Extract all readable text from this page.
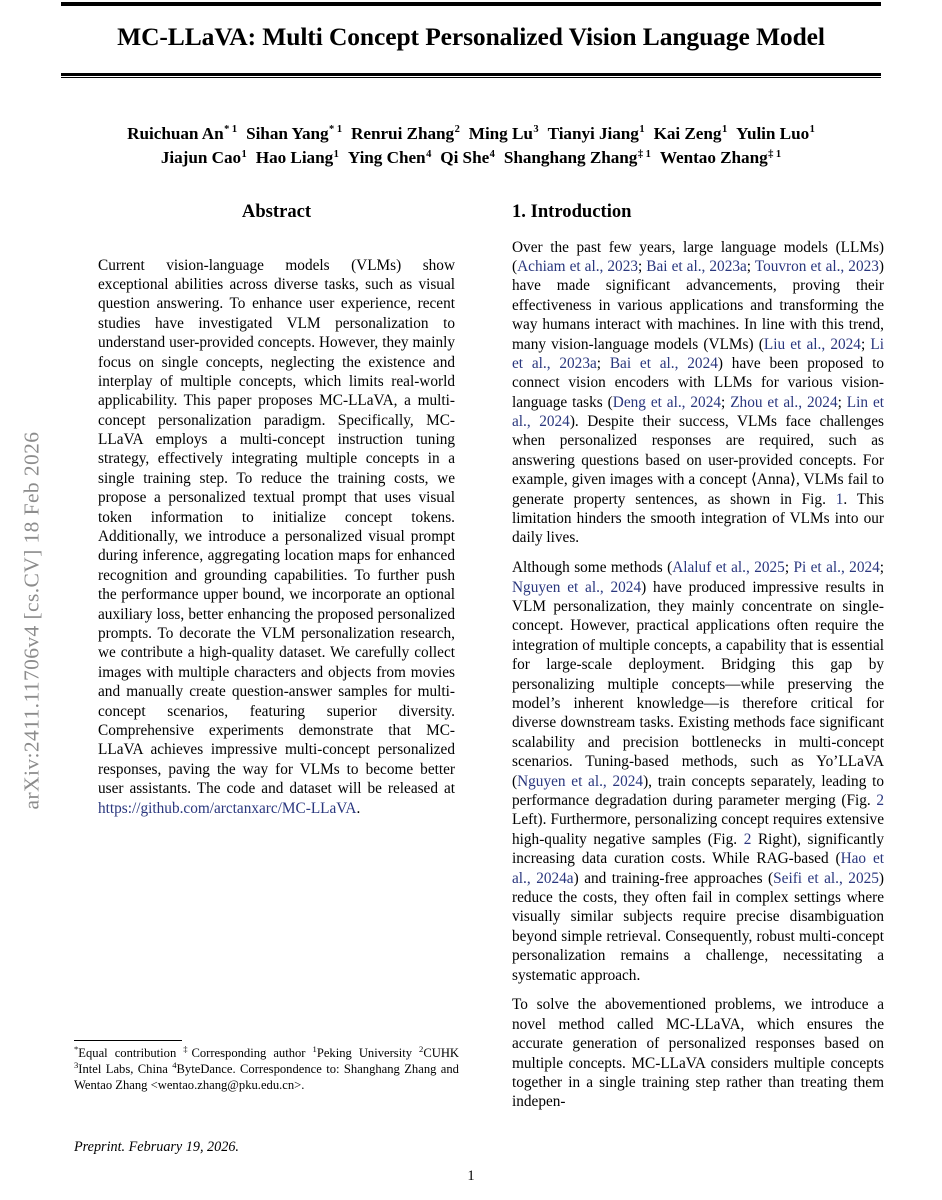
arXiv:2411.11706v4 [cs.CV] 18 Feb 2026
MC-LLaVA: Multi Concept Personalized Vision Language Model
Ruichuan An$^{* 1}$ Sihan Yang$^{* 1}$ Renrui Zhang$^2$ Ming Lu$^3$ Tianyi Jiang$^1$ Kai Zeng$^1$ Yulin Luo$^1$
Jiajun Cao$^1$ Hao Liang$^1$ Ying Chen$^4$ Qi She$^4$ Shanghang Zhang$^{\ddagger 1}$ Wentao Zhang$^{\ddagger 1}$
Abstract
Current vision-language models (VLMs) show exceptional abilities across diverse tasks, such as visual question answering. To enhance user experience, recent studies have investigated VLM personalization to understand user-provided concepts. However, they mainly focus on single concepts, neglecting the existence and interplay of multiple concepts, which limits real-world applicability. This paper proposes MC-LLaVA, a multi-concept personalization paradigm. Specifically, MC-LLaVA employs a multi-concept instruction tuning strategy, effectively integrating multiple concepts in a single training step. To reduce the training costs, we propose a personalized textual prompt that uses visual token information to initialize concept tokens. Additionally, we introduce a personalized visual prompt during inference, aggregating location maps for enhanced recognition and grounding capabilities. To further push the performance upper bound, we incorporate an optional auxiliary loss, better enhancing the proposed personalized prompts. To decorate the VLM personalization research, we contribute a high-quality dataset. We carefully collect images with multiple characters and objects from movies and manually create question-answer samples for multi-concept scenarios, featuring superior diversity. Comprehensive experiments demonstrate that MC-LLaVA achieves impressive multi-concept personalized responses, paving the way for VLMs to become better user assistants. The code and dataset will be released at https://github.com/arctanxarc/MC-LLaVA.
1. Introduction

Over the past few years, large language models (LLMs) (Achiam et al., 2023; Bai et al., 2023a; Touvron et al., 2023) have made significant advancements, proving their effectiveness in various applications and transforming the way humans interact with machines. In line with this trend, many vision-language models (VLMs) (Liu et al., 2024; Li et al., 2023a; Bai et al., 2024) have been proposed to connect vision encoders with LLMs for various vision-language tasks (Deng et al., 2024; Zhou et al., 2024; Lin et al., 2024). Despite their success, VLMs face challenges when personalized responses are required, such as answering questions based on user-provided concepts. For example, given images with a concept ⟨Anna⟩, VLMs fail to generate property sentences, as shown in Fig. 1. This limitation hinders the smooth integration of VLMs into our daily lives.

Although some methods (Alaluf et al., 2025; Pi et al., 2024; Nguyen et al., 2024) have produced impressive results in VLM personalization, they mainly concentrate on single-concept. However, practical applications often require the integration of multiple concepts, a capability that is essential for large-scale deployment. Bridging this gap by personalizing multiple concepts—while preserving the model’s inherent knowledge—is therefore critical for diverse downstream tasks. Existing methods face significant scalability and precision bottlenecks in multi-concept scenarios. Tuning-based methods, such as Yo’LLaVA (Nguyen et al., 2024), train concepts separately, leading to performance degradation during parameter merging (Fig. 2 Left). Furthermore, personalizing concept requires extensive high-quality negative samples (Fig. 2 Right), significantly increasing data curation costs. While RAG-based (Hao et al., 2024a) and training-free approaches (Seifi et al., 2025) reduce the costs, they often fail in complex settings where visually similar subjects require precise disambiguation beyond simple retrieval. Consequently, robust multi-concept personalization remains a challenge, necessitating a systematic approach.

To solve the abovementioned problems, we introduce a novel method called MC-LLaVA, which ensures the accurate generation of personalized responses based on multiple concepts. MC-LLaVA considers multiple concepts together in a single training step rather than treating them indepen-

*Equal contribution ‡Corresponding author $^1$Peking University $^2$CUHK $^3$Intel Labs, China $^4$ByteDance. Correspondence to: Shanghang Zhang and Wentao Zhang <wentao.zhang@pku.edu.cn>.
Preprint. February 19, 2026.
1
